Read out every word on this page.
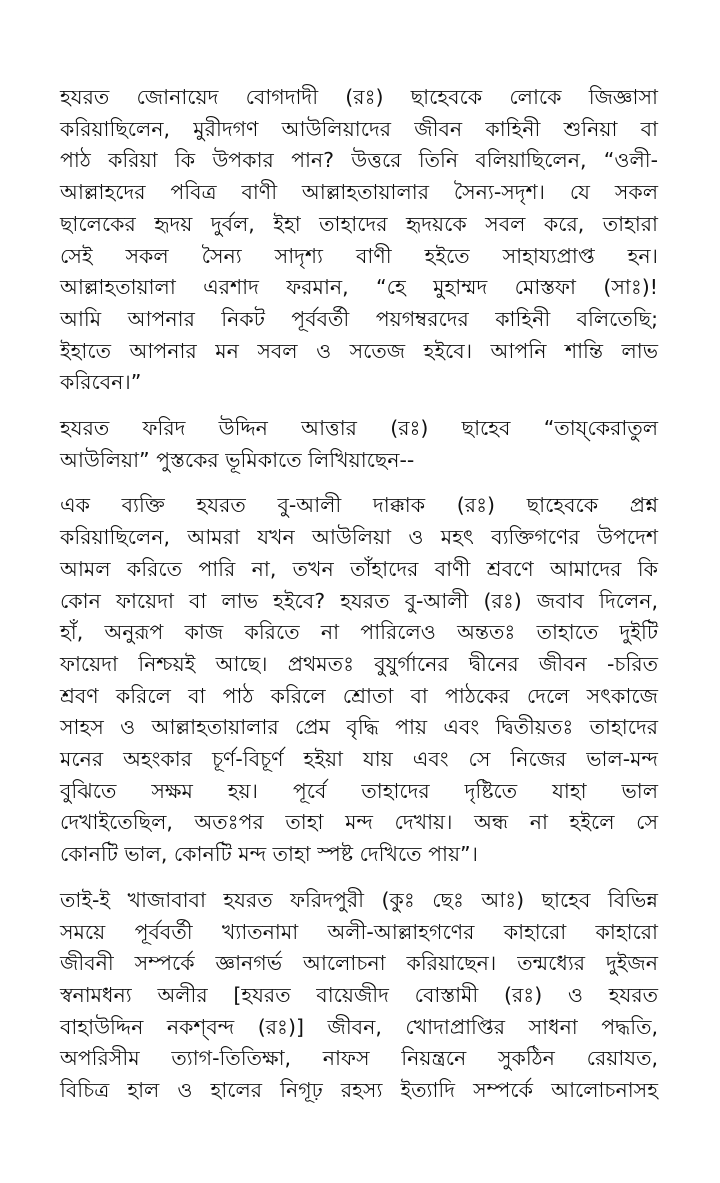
হযরত জোনায়েদ বোগদাদী (রঃ) ছাহেবকে লোকে জিজ্ঞাসা
করিয়াছিলেন, মুরীদগণ আউলিয়াদের জীবন কাহিনী শুনিয়া বা
পাঠ করিয়া কি উপকার পান? উত্তরে তিনি বলিয়াছিলেন, “ওলী-
আল্লাহদের পবিত্র বাণী আল্লাহতায়ালার সৈন্য-সদৃশ। যে সকল
ছালেকের হৃদয় দুর্বল, ইহা তাহাদের হৃদয়কে সবল করে, তাহারা
সেই সকল সৈন্য সাদৃশ্য বাণী হইতে সাহায্যপ্রাপ্ত হন।
আল্লাহতায়ালা এরশাদ ফরমান, “হে মুহাম্মদ মোস্তফা (সাঃ)!
আমি আপনার নিকট পূর্ববর্তী পয়গম্বরদের কাহিনী বলিতেছি;
ইহাতে আপনার মন সবল ও সতেজ হইবে। আপনি শান্তি লাভ
করিবেন।”
হযরত ফরিদ উদ্দিন আত্তার (রঃ) ছাহেব “তায্‌কেরাতুল
আউলিয়া” পুস্তকের ভূমিকাতে লিখিয়াছেন--
এক ব্যক্তি হযরত বু-আলী দাক্কাক (রঃ) ছাহেবকে প্রশ্ন
করিয়াছিলেন, আমরা যখন আউলিয়া ও মহৎ ব্যক্তিগণের উপদেশ
আমল করিতে পারি না, তখন তাঁহাদের বাণী শ্রবণে আমাদের কি
কোন ফায়েদা বা লাভ হইবে? হযরত বু-আলী (রঃ) জবাব দিলেন,
হাঁ, অনুরূপ কাজ করিতে না পারিলেও অন্ততঃ তাহাতে দুইটি
ফায়েদা নিশ্চয়ই আছে। প্রথমতঃ বুযুর্গানের দ্বীনের জীবন -চরিত
শ্রবণ করিলে বা পাঠ করিলে শ্রোতা বা পাঠকের দেলে সৎকাজে
সাহস ও আল্লাহতায়ালার প্রেম বৃদ্ধি পায় এবং দ্বিতীয়তঃ তাহাদের
মনের অহংকার চূর্ণ-বিচূর্ণ হইয়া যায় এবং সে নিজের ভাল-মন্দ
বুঝিতে সক্ষম হয়। পূর্বে তাহাদের দৃষ্টিতে যাহা ভাল
দেখাইতেছিল, অতঃপর তাহা মন্দ দেখায়। অন্ধ না হইলে সে
কোনটি ভাল, কোনটি মন্দ তাহা স্পষ্ট দেখিতে পায়”।
তাই-ই খাজাবাবা হযরত ফরিদপুরী (কুঃ ছেঃ আঃ) ছাহেব বিভিন্ন
সময়ে পূর্ববর্তী খ্যাতনামা অলী-আল্লাহগণের কাহারো কাহারো
জীবনী সম্পর্কে জ্ঞানগর্ভ আলোচনা করিয়াছেন। তন্মধ্যের দুইজন
স্বনামধন্য অলীর [হযরত বায়েজীদ বোস্তামী (রঃ) ও হযরত
বাহাউদ্দিন নকশ্‌বন্দ (রঃ)] জীবন, খোদাপ্রাপ্তির সাধনা পদ্ধতি,
অপরিসীম ত্যাগ-তিতিক্ষা, নাফস নিয়ন্ত্রনে সুকঠিন রেয়াযত,
বিচিত্র হাল ও হালের নিগূঢ় রহস্য ইত্যাদি সম্পর্কে আলোচনাসহ
